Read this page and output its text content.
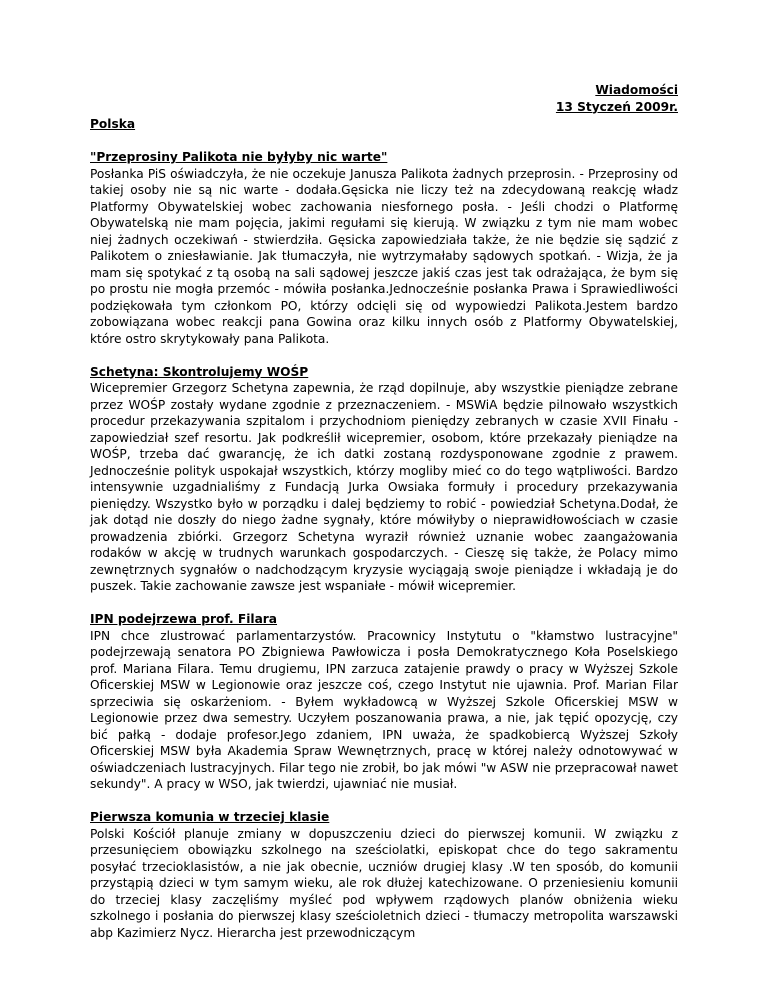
Wiadomości
13 Styczeń 2009r.
Polska
"Przeprosiny Palikota nie byłyby nic warte"
Posłanka PiS oświadczyła, że nie oczekuje Janusza Palikota żadnych przeprosin. - Przeprosiny od takiej osoby nie są nic warte - dodała.Gęsicka nie liczy też na zdecydowaną reakcję władz Platformy Obywatelskiej wobec zachowania niesfornego posła. - Jeśli chodzi o Platformę Obywatelską nie mam pojęcia, jakimi regułami się kierują. W związku z tym nie mam wobec niej żadnych oczekiwań - stwierdziła. Gęsicka zapowiedziała także, że nie będzie się sądzić z Palikotem o zniesławianie. Jak tłumaczyła, nie wytrzymałaby sądowych spotkań. - Wizja, że ja mam się spotykać z tą osobą na sali sądowej jeszcze jakiś czas jest tak odrażająca, że bym się po prostu nie mogła przemóc - mówiła posłanka.Jednocześnie posłanka Prawa i Sprawiedliwości podziękowała tym członkom PO, którzy odcięli się od wypowiedzi Palikota.Jestem bardzo zobowiązana wobec reakcji pana Gowina oraz kilku innych osób z Platformy Obywatelskiej, które ostro skrytykowały pana Palikota.
Schetyna: Skontrolujemy WOŚP
Wicepremier Grzegorz Schetyna zapewnia, że rząd dopilnuje, aby wszystkie pieniądze zebrane przez WOŚP zostały wydane zgodnie z przeznaczeniem. - MSWiA będzie pilnowało wszystkich procedur przekazywania szpitalom i przychodniom pieniędzy zebranych w czasie XVII Finału - zapowiedział szef resortu. Jak podkreślił wicepremier, osobom, które przekazały pieniądze na WOŚP, trzeba dać gwarancję, że ich datki zostaną rozdysponowane zgodnie z prawem. Jednocześnie polityk uspokajał wszystkich, którzy mogliby mieć co do tego wątpliwości. Bardzo intensywnie uzgadnialiśmy z Fundacją Jurka Owsiaka formuły i procedury przekazywania pieniędzy. Wszystko było w porządku i dalej będziemy to robić - powiedział Schetyna.Dodał, że jak dotąd nie doszły do niego żadne sygnały, które mówiłyby o nieprawidłowościach w czasie prowadzenia zbiórki. Grzegorz Schetyna wyraził również uznanie wobec zaangażowania rodaków w akcję w trudnych warunkach gospodarczych. - Cieszę się także, że Polacy mimo zewnętrznych sygnałów o nadchodzącym kryzysie wyciągają swoje pieniądze i wkładają je do puszek. Takie zachowanie zawsze jest wspaniałe - mówił wicepremier.
IPN podejrzewa prof. Filara
IPN chce zlustrować parlamentarzystów. Pracownicy Instytutu o "kłamstwo lustracyjne" podejrzewają senatora PO Zbigniewa Pawłowicza i posła Demokratycznego Koła Poselskiego prof. Mariana Filara. Temu drugiemu, IPN zarzuca zatajenie prawdy o pracy w Wyższej Szkole Oficerskiej MSW w Legionowie oraz jeszcze coś, czego Instytut nie ujawnia. Prof. Marian Filar sprzeciwia się oskarżeniom. - Byłem wykładowcą w Wyższej Szkole Oficerskiej MSW w Legionowie przez dwa semestry. Uczyłem poszanowania prawa, a nie, jak tępić opozycję, czy bić pałką - dodaje profesor.Jego zdaniem, IPN uważa, że spadkobiercą Wyższej Szkoły Oficerskiej MSW była Akademia Spraw Wewnętrznych, pracę w której należy odnotowywać w oświadczeniach lustracyjnych. Filar tego nie zrobił, bo jak mówi "w ASW nie przepracował nawet sekundy". A pracy w WSO, jak twierdzi, ujawniać nie musiał.
Pierwsza komunia w trzeciej klasie
Polski Kościół planuje zmiany w dopuszczeniu dzieci do pierwszej komunii. W związku z przesunięciem obowiązku szkolnego na sześciolatki, episkopat chce do tego sakramentu posyłać trzecioklasistów, a nie jak obecnie, uczniów drugiej klasy .W ten sposób, do komunii przystąpią dzieci w tym samym wieku, ale rok dłużej katechizowane. O przeniesieniu komunii do trzeciej klasy zaczęliśmy myśleć pod wpływem rządowych planów obniżenia wieku szkolnego i posłania do pierwszej klasy sześcioletnich dzieci - tłumaczy metropolita warszawski abp Kazimierz Nycz. Hierarcha jest przewodniczącym
